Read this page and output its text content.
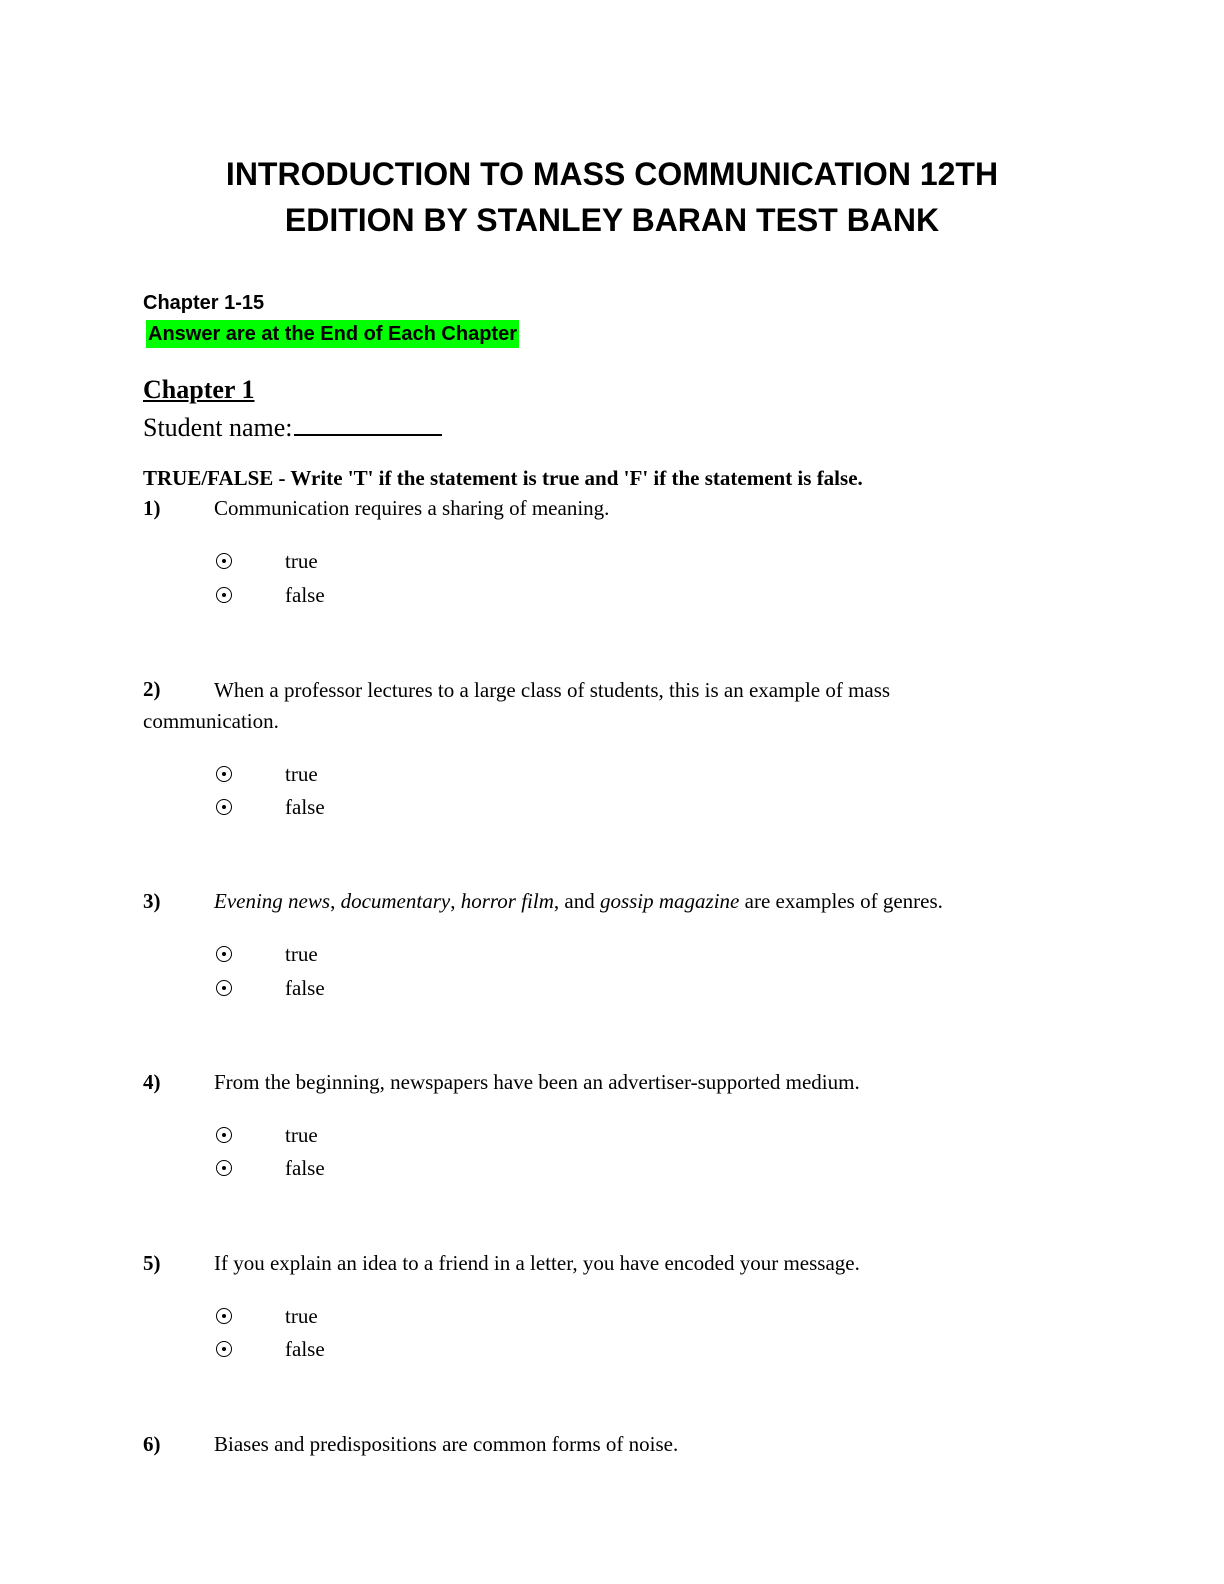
INTRODUCTION TO MASS COMMUNICATION 12TH
EDITION BY STANLEY BARAN TEST BANK
Chapter 1-15
Answer are at the End of Each Chapter
Chapter 1
Student name:
TRUE/FALSE - Write 'T' if the statement is true and 'F' if the statement is false.
1)	Communication requires a sharing of meaning.
true
false
2)	When a professor lectures to a large class of students, this is an example of mass communication.
true
false
3)	Evening news, documentary, horror film, and gossip magazine are examples of genres.
true
false
4)	From the beginning, newspapers have been an advertiser-supported medium.
true
false
5)	If you explain an idea to a friend in a letter, you have encoded your message.
true
false
6)	Biases and predispositions are common forms of noise.
